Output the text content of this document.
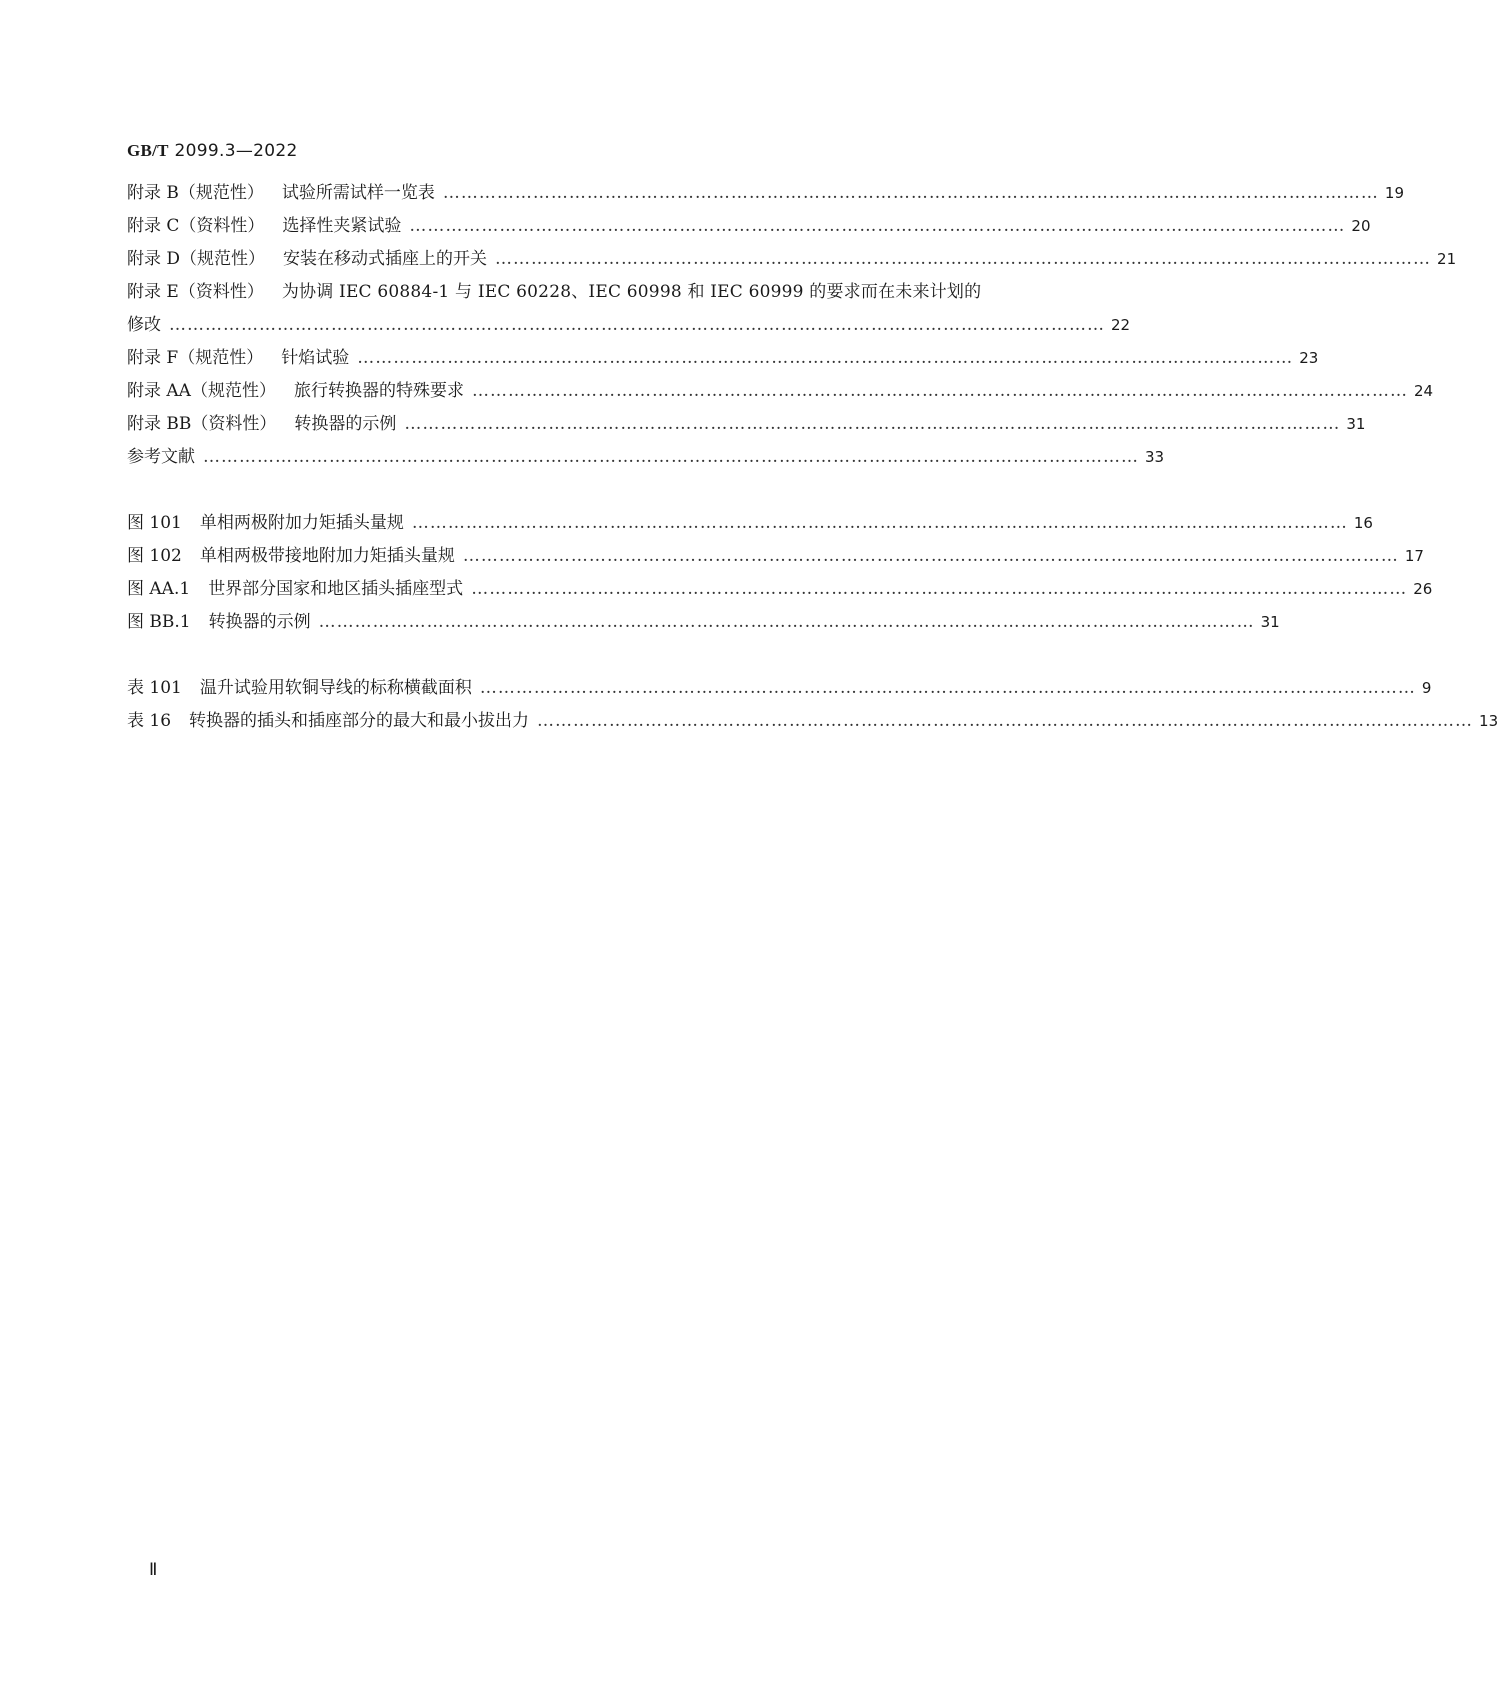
GB/T 2099.3—2022
附录 B（规范性） 试验所需试样一览表 ………………………………………………………………………………………………………………………………………… 19
附录 C（资料性） 选择性夹紧试验 ………………………………………………………………………………………………………………………………………… 20
附录 D（规范性） 安装在移动式插座上的开关 ………………………………………………………………………………………………………………………………………… 21
附录 E（资料性） 为协调 IEC 60884-1 与 IEC 60228、IEC 60998 和 IEC 60999 的要求而在未来计划的
修改 ………………………………………………………………………………………………………………………………………… 22
附录 F（规范性） 针焰试验 ………………………………………………………………………………………………………………………………………… 23
附录 AA（规范性） 旅行转换器的特殊要求 ………………………………………………………………………………………………………………………………………… 24
附录 BB（资料性） 转换器的示例 ………………………………………………………………………………………………………………………………………… 31
参考文献 ………………………………………………………………………………………………………………………………………… 33
图 101 单相两极附加力矩插头量规 ………………………………………………………………………………………………………………………………………… 16
图 102 单相两极带接地附加力矩插头量规 ………………………………………………………………………………………………………………………………………… 17
图 AA.1 世界部分国家和地区插头插座型式 ………………………………………………………………………………………………………………………………………… 26
图 BB.1 转换器的示例 ………………………………………………………………………………………………………………………………………… 31
表 101 温升试验用软铜导线的标称横截面积 ………………………………………………………………………………………………………………………………………… 9
表 16 转换器的插头和插座部分的最大和最小拔出力 ………………………………………………………………………………………………………………………………………… 13
Ⅱ
